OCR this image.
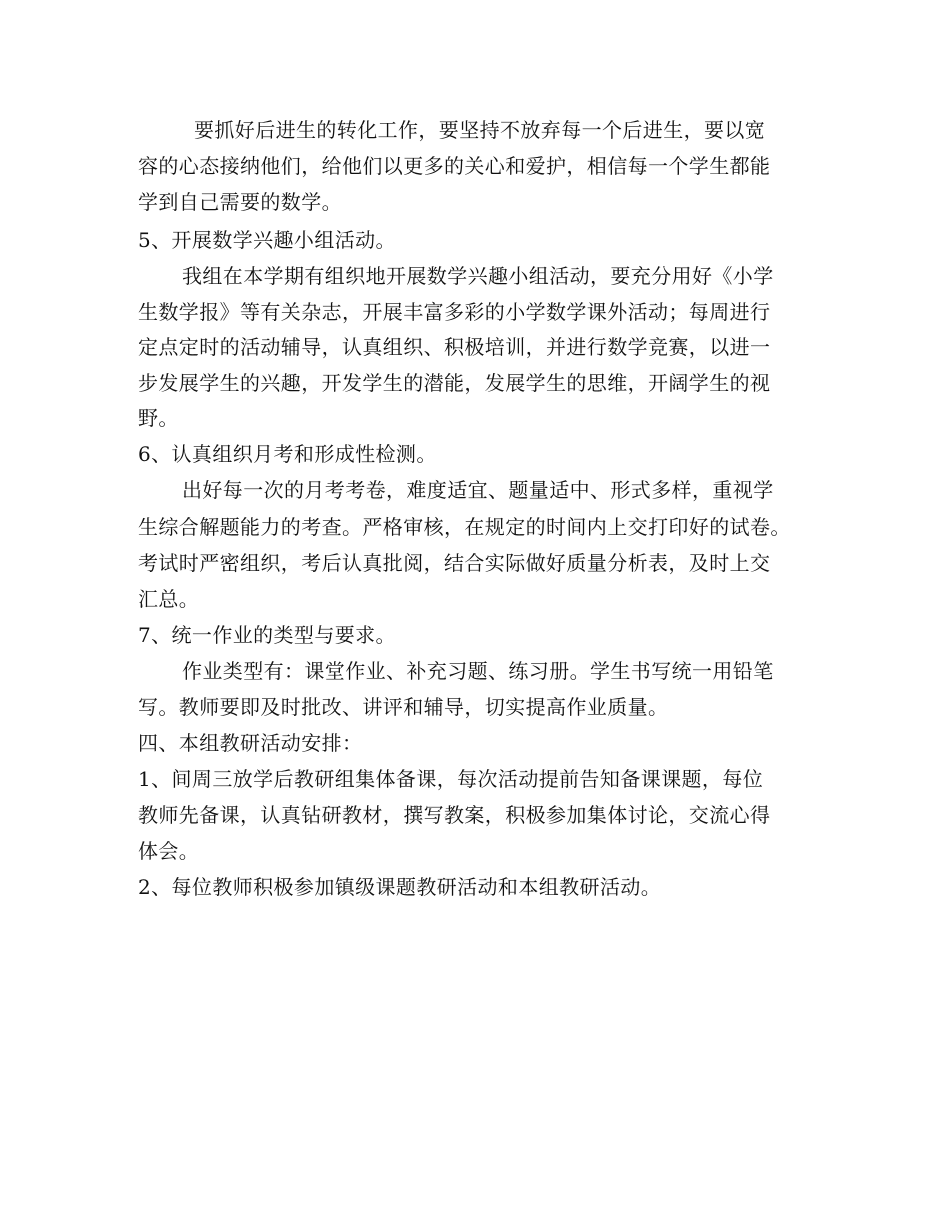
要抓好后进生的转化工作，要坚持不放弃每一个后进生，要以宽
容的心态接纳他们，给他们以更多的关心和爱护，相信每一个学生都能
学到自己需要的数学。
5、开展数学兴趣小组活动。
我组在本学期有组织地开展数学兴趣小组活动，要充分用好《小学
生数学报》等有关杂志，开展丰富多彩的小学数学课外活动；每周进行
定点定时的活动辅导，认真组织、积极培训，并进行数学竞赛，以进一
步发展学生的兴趣，开发学生的潜能，发展学生的思维，开阔学生的视
野。
6、认真组织月考和形成性检测。
出好每一次的月考考卷，难度适宜、题量适中、形式多样，重视学
生综合解题能力的考查。严格审核，在规定的时间内上交打印好的试卷。
考试时严密组织，考后认真批阅，结合实际做好质量分析表，及时上交
汇总。
7、统一作业的类型与要求。
作业类型有：课堂作业、补充习题、练习册。学生书写统一用铅笔
写。教师要即及时批改、讲评和辅导，切实提高作业质量。
四、本组教研活动安排：
1、间周三放学后教研组集体备课，每次活动提前告知备课课题，每位
教师先备课，认真钻研教材，撰写教案，积极参加集体讨论，交流心得
体会。
2、每位教师积极参加镇级课题教研活动和本组教研活动。
